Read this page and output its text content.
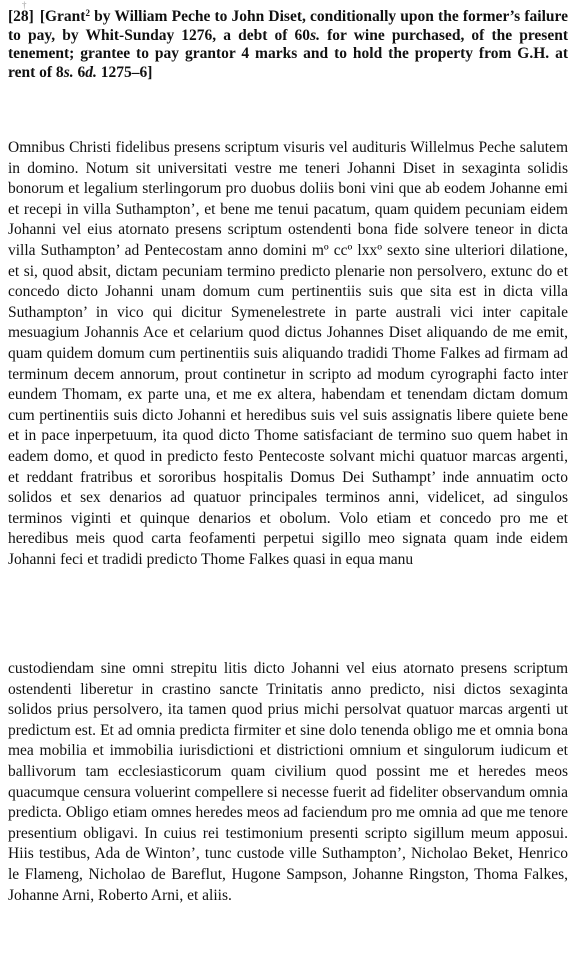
†
[28] [Grant$^2$ by William Peche to John Diset, conditionally upon the former’s failure to pay, by Whit-Sunday 1276, a debt of 60s. for wine purchased, of the present tenement; grantee to pay grantor 4 marks and to hold the property from G.H. at rent of 8s. 6d. 1275–6]

Omnibus Christi fidelibus presens scriptum visuris vel audituris Willelmus Peche salutem in domino. Notum sit universitati vestre me teneri Johanni Diset in sexaginta solidis bonorum et legalium sterlingorum pro duobus doliis boni vini que ab eodem Johanne emi et recepi in villa Suthampton’, et bene me tenui pacatum, quam quidem pecuniam eidem Johanni vel eius atornato presens scriptum ostendenti bona fide solvere teneor in dicta villa Suthampton’ ad Pentecostam anno domini mº ccº lxxº sexto sine ulteriori dilatione, et si, quod absit, dictam pecuniam termino predicto plenarie non persolvero, extunc do et concedo dicto Johanni unam domum cum pertinentiis suis que sita est in dicta villa Suthampton’ in vico qui dicitur Symenelestrete in parte australi vici inter capitale mesuagium Johannis Ace et celarium quod dictus Johannes Diset aliquando de me emit, quam quidem domum cum pertinentiis suis aliquando tradidi Thome Falkes ad firmam ad terminum decem annorum, prout continetur in scripto ad modum cyrographi facto inter eundem Thomam, ex parte una, et me ex altera, habendam et tenendam dictam domum cum pertinentiis suis dicto Johanni et heredibus suis vel suis assignatis libere quiete bene et in pace inperpetuum, ita quod dicto Thome satisfaciant de termino suo quem habet in eadem domo, et quod in predicto festo Pentecoste solvant michi quatuor marcas argenti, et reddant fratribus et sororibus hospitalis Domus Dei Suthampt’ inde annuatim octo solidos et sex denarios ad quatuor principales terminos anni, videlicet, ad singulos terminos viginti et quinque denarios et obolum. Volo etiam et concedo pro me et heredibus meis quod carta feofamenti perpetui sigillo meo signata quam inde eidem Johanni feci et tradidi predicto Thome Falkes quasi in equa manu

custodiendam sine omni strepitu litis dicto Johanni vel eius atornato presens scriptum ostendenti liberetur in crastino sancte Trinitatis anno predicto, nisi dictos sexaginta solidos prius persolvero, ita tamen quod prius michi persolvat quatuor marcas argenti ut predictum est. Et ad omnia predicta firmiter et sine dolo tenenda obligo me et omnia bona mea mobilia et immobilia iurisdictioni et districtioni omnium et singulorum iudicum et ballivorum tam ecclesiasticorum quam civilium quod possint me et heredes meos quacumque censura voluerint compellere si necesse fuerit ad fideliter observandum omnia predicta. Obligo etiam omnes heredes meos ad faciendum pro me omnia ad que me tenore presentium obligavi. In cuius rei testimonium presenti scripto sigillum meum apposui. Hiis testibus, Ada de Winton’, tunc custode ville Suthampton’, Nicholao Beket, Henrico le Flameng, Nicholao de Bareflut, Hugone Sampson, Johanne Ringston, Thoma Falkes, Johanne Arni, Roberto Arni, et aliis.
